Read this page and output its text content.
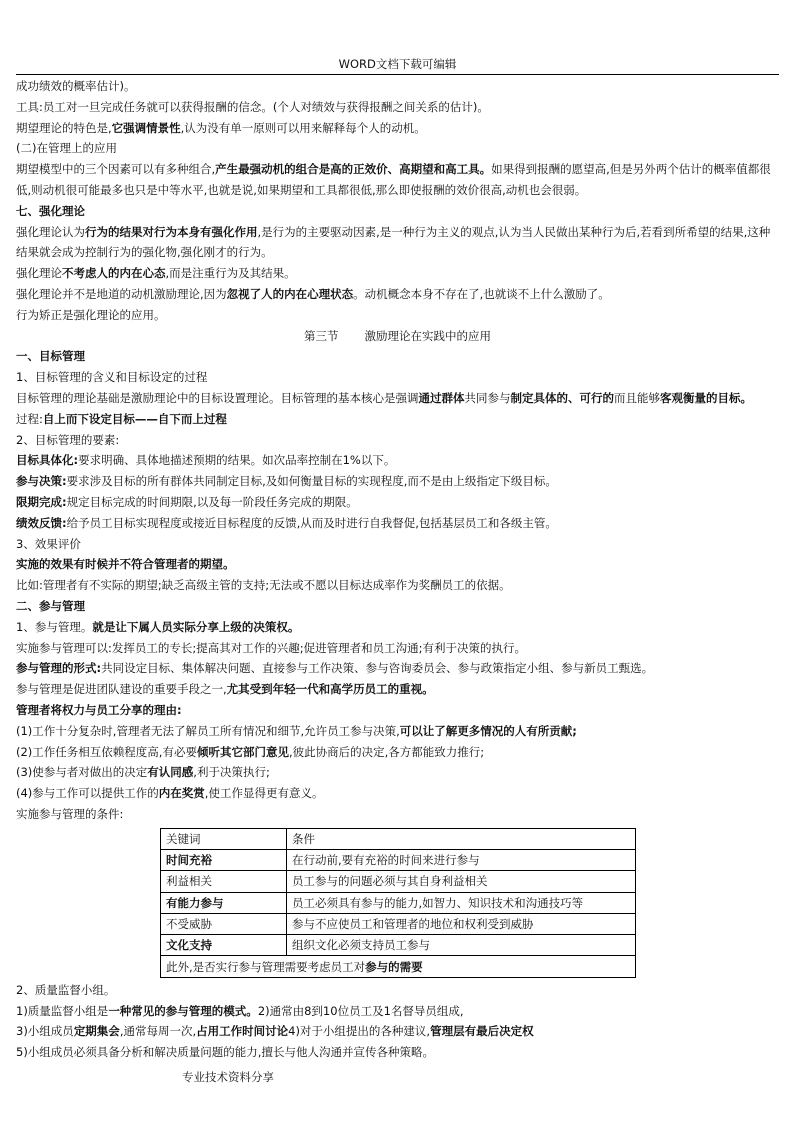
WORD文档下载可编辑

成功绩效的概率估计)。

工具:员工对一旦完成任务就可以获得报酬的信念。(个人对绩效与获得报酬之间关系的估计)。

期望理论的特色是,它强调情景性,认为没有单一原则可以用来解释每个人的动机。

(二)在管理上的应用

期望模型中的三个因素可以有多种组合,产生最强动机的组合是高的正效价、高期望和高工具。如果得到报酬的愿望高,但是另外两个估计的概率值都很低,则动机很可能最多也只是中等水平,也就是说,如果期望和工具都很低,那么即使报酬的效价很高,动机也会很弱。

七、强化理论

强化理论认为行为的结果对行为本身有强化作用,是行为的主要驱动因素,是一种行为主义的观点,认为当人民做出某种行为后,若看到所希望的结果,这种结果就会成为控制行为的强化物,强化刚才的行为。

强化理论不考虑人的内在心态,而是注重行为及其结果。

强化理论并不是地道的动机激励理论,因为忽视了人的内在心理状态。动机概念本身不存在了,也就谈不上什么激励了。

行为矫正是强化理论的应用。

第三节 激励理论在实践中的应用

一、目标管理

1、目标管理的含义和目标设定的过程

目标管理的理论基础是激励理论中的目标设置理论。目标管理的基本核心是强调通过群体共同参与制定具体的、可行的而且能够客观衡量的目标。

过程:自上而下设定目标——自下而上过程

2、目标管理的要素:

目标具体化:要求明确、具体地描述预期的结果。如次品率控制在1%以下。

参与决策:要求涉及目标的所有群体共同制定目标,及如何衡量目标的实现程度,而不是由上级指定下级目标。

限期完成:规定目标完成的时间期限,以及每一阶段任务完成的期限。

绩效反馈:给予员工目标实现程度或接近目标程度的反馈,从而及时进行自我督促,包括基层员工和各级主管。

3、效果评价

实施的效果有时候并不符合管理者的期望。

比如:管理者有不实际的期望;缺乏高级主管的支持;无法或不愿以目标达成率作为奖酬员工的依据。

二、参与管理

1、参与管理。就是让下属人员实际分享上级的决策权。

实施参与管理可以:发挥员工的专长;提高其对工作的兴趣;促进管理者和员工沟通;有利于决策的执行。

参与管理的形式:共同设定目标、集体解决问题、直接参与工作决策、参与咨询委员会、参与政策指定小组、参与新员工甄选。

参与管理是促进团队建设的重要手段之一,尤其受到年轻一代和高学历员工的重视。

管理者将权力与员工分享的理由:

(1)工作十分复杂时,管理者无法了解员工所有情况和细节,允许员工参与决策,可以让了解更多情况的人有所贡献;

(2)工作任务相互依赖程度高,有必要倾听其它部门意见,彼此协商后的决定,各方都能致力推行;

(3)使参与者对做出的决定有认同感,利于决策执行;

(4)参与工作可以提供工作的内在奖赏,使工作显得更有意义。

实施参与管理的条件:

关键词	条件
时间充裕	在行动前,要有充裕的时间来进行参与
利益相关	员工参与的问题必须与其自身利益相关
有能力参与	员工必须具有参与的能力,如智力、知识技术和沟通技巧等
不受威胁	参与不应使员工和管理者的地位和权利受到威胁
文化支持	组织文化必须支持员工参与
此外,是否实行参与管理需要考虑员工对参与的需要	

2、质量监督小组。

1)质量监督小组是一种常见的参与管理的模式。2)通常由8到10位员工及1名督导员组成,

3)小组成员定期集会,通常每周一次,占用工作时间讨论4)对于小组提出的各种建议,管理层有最后决定权

5)小组成员必须具备分析和解决质量问题的能力,擅长与他人沟通并宣传各种策略。

专业技术资料分享
